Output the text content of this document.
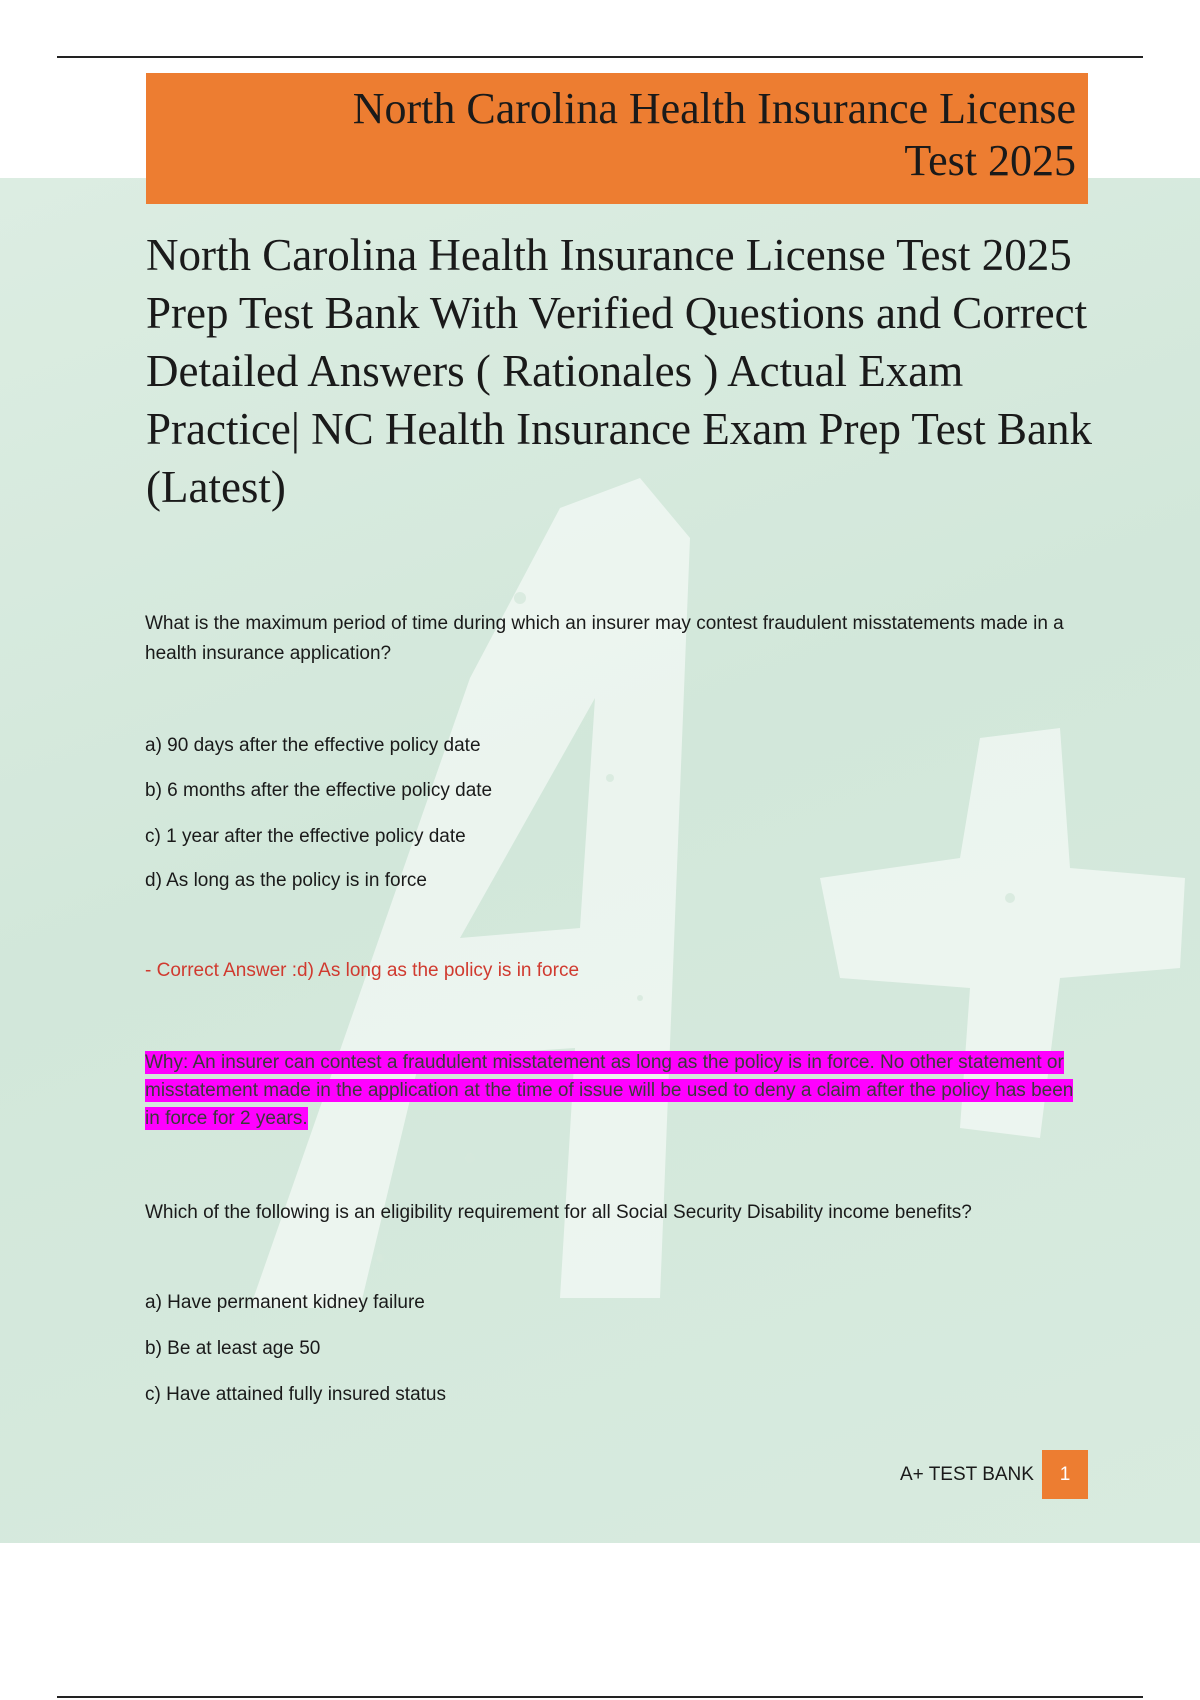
North Carolina Health Insurance License
Test 2025
North Carolina Health Insurance License Test 2025 Prep Test Bank With Verified Questions and Correct Detailed Answers ( Rationales ) Actual Exam Practice| NC Health Insurance Exam Prep Test Bank (Latest)
What is the maximum period of time during which an insurer may contest fraudulent misstatements made in a health insurance application?
a) 90 days after the effective policy date
b) 6 months after the effective policy date
c) 1 year after the effective policy date
d) As long as the policy is in force
- Correct Answer :d) As long as the policy is in force
Why: An insurer can contest a fraudulent misstatement as long as the policy is in force. No other statement or misstatement made in the application at the time of issue will be used to deny a claim after the policy has been in force for 2 years.
Which of the following is an eligibility requirement for all Social Security Disability income benefits?
a) Have permanent kidney failure
b) Be at least age 50
c) Have attained fully insured status
A+ TEST BANK	1
